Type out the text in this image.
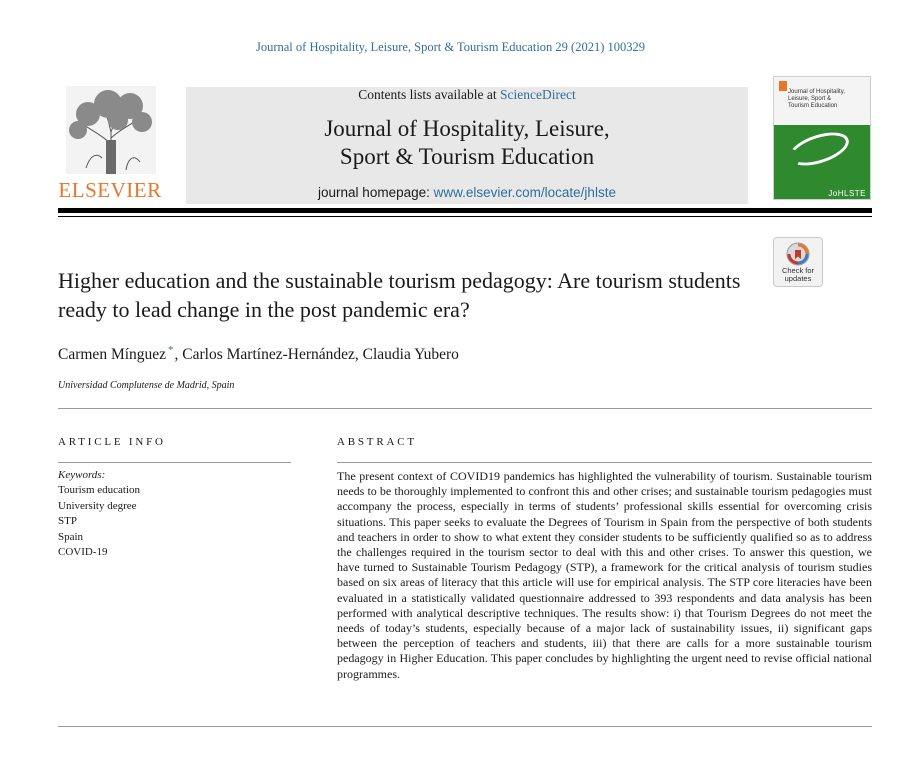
Journal of Hospitality, Leisure, Sport & Tourism Education 29 (2021) 100329
ELSEVIER
Contents lists available at ScienceDirect
Journal of Hospitality, Leisure,
Sport & Tourism Education
journal homepage: www.elsevier.com/locate/jhlste
Journal of Hospitality,
Leisure, Sport &
Tourism Education
JoHLSTE
Check for
updates
Higher education and the sustainable tourism pedagogy: Are tourism students ready to lead change in the post pandemic era?
Carmen Mínguez *, Carlos Martínez-Hernández, Claudia Yubero
Universidad Complutense de Madrid, Spain
ARTICLE INFO	ABSTRACT
Keywords:
Tourism education
University degree
STP
Spain
COVID-19

The present context of COVID19 pandemics has highlighted the vulnerability of tourism. Sustainable tourism needs to be thoroughly implemented to confront this and other crises; and sustainable tourism pedagogies must accompany the process, especially in terms of students’ professional skills essential for overcoming crisis situations. This paper seeks to evaluate the Degrees of Tourism in Spain from the perspective of both students and teachers in order to show to what extent they consider students to be sufficiently qualified so as to address the challenges required in the tourism sector to deal with this and other crises. To answer this question, we have turned to Sustainable Tourism Pedagogy (STP), a framework for the critical analysis of tourism studies based on six areas of literacy that this article will use for empirical analysis. The STP core literacies have been evaluated in a statistically validated questionnaire addressed to 393 respondents and data analysis has been performed with analytical descriptive techniques. The results show: i) that Tourism Degrees do not meet the needs of today’s students, especially because of a major lack of sustainability issues, ii) significant gaps between the perception of teachers and students, iii) that there are calls for a more sustainable tourism pedagogy in Higher Education. This paper concludes by highlighting the urgent need to revise official national programmes.
